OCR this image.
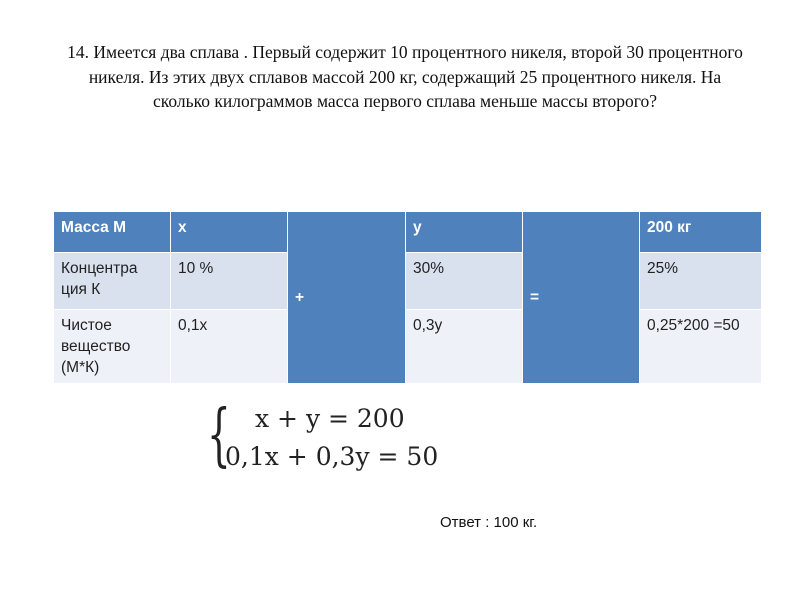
14. Имеется два сплава . Первый содержит 10 процентного никеля, второй 30 процентного никеля. Из этих двух сплавов массой 200 кг, содержащий 25 процентного никеля. На сколько килограммов масса первого сплава меньше массы второго?
Масса М	х	+	у	=	200 кг
Концентра ция К	10 %		30%		25%
Чистое вещество (М*К)	0,1х		0,3у		0,25*200 =50
{ x + y = 200
0,1x + 0,3y = 50
Ответ : 100 кг.
